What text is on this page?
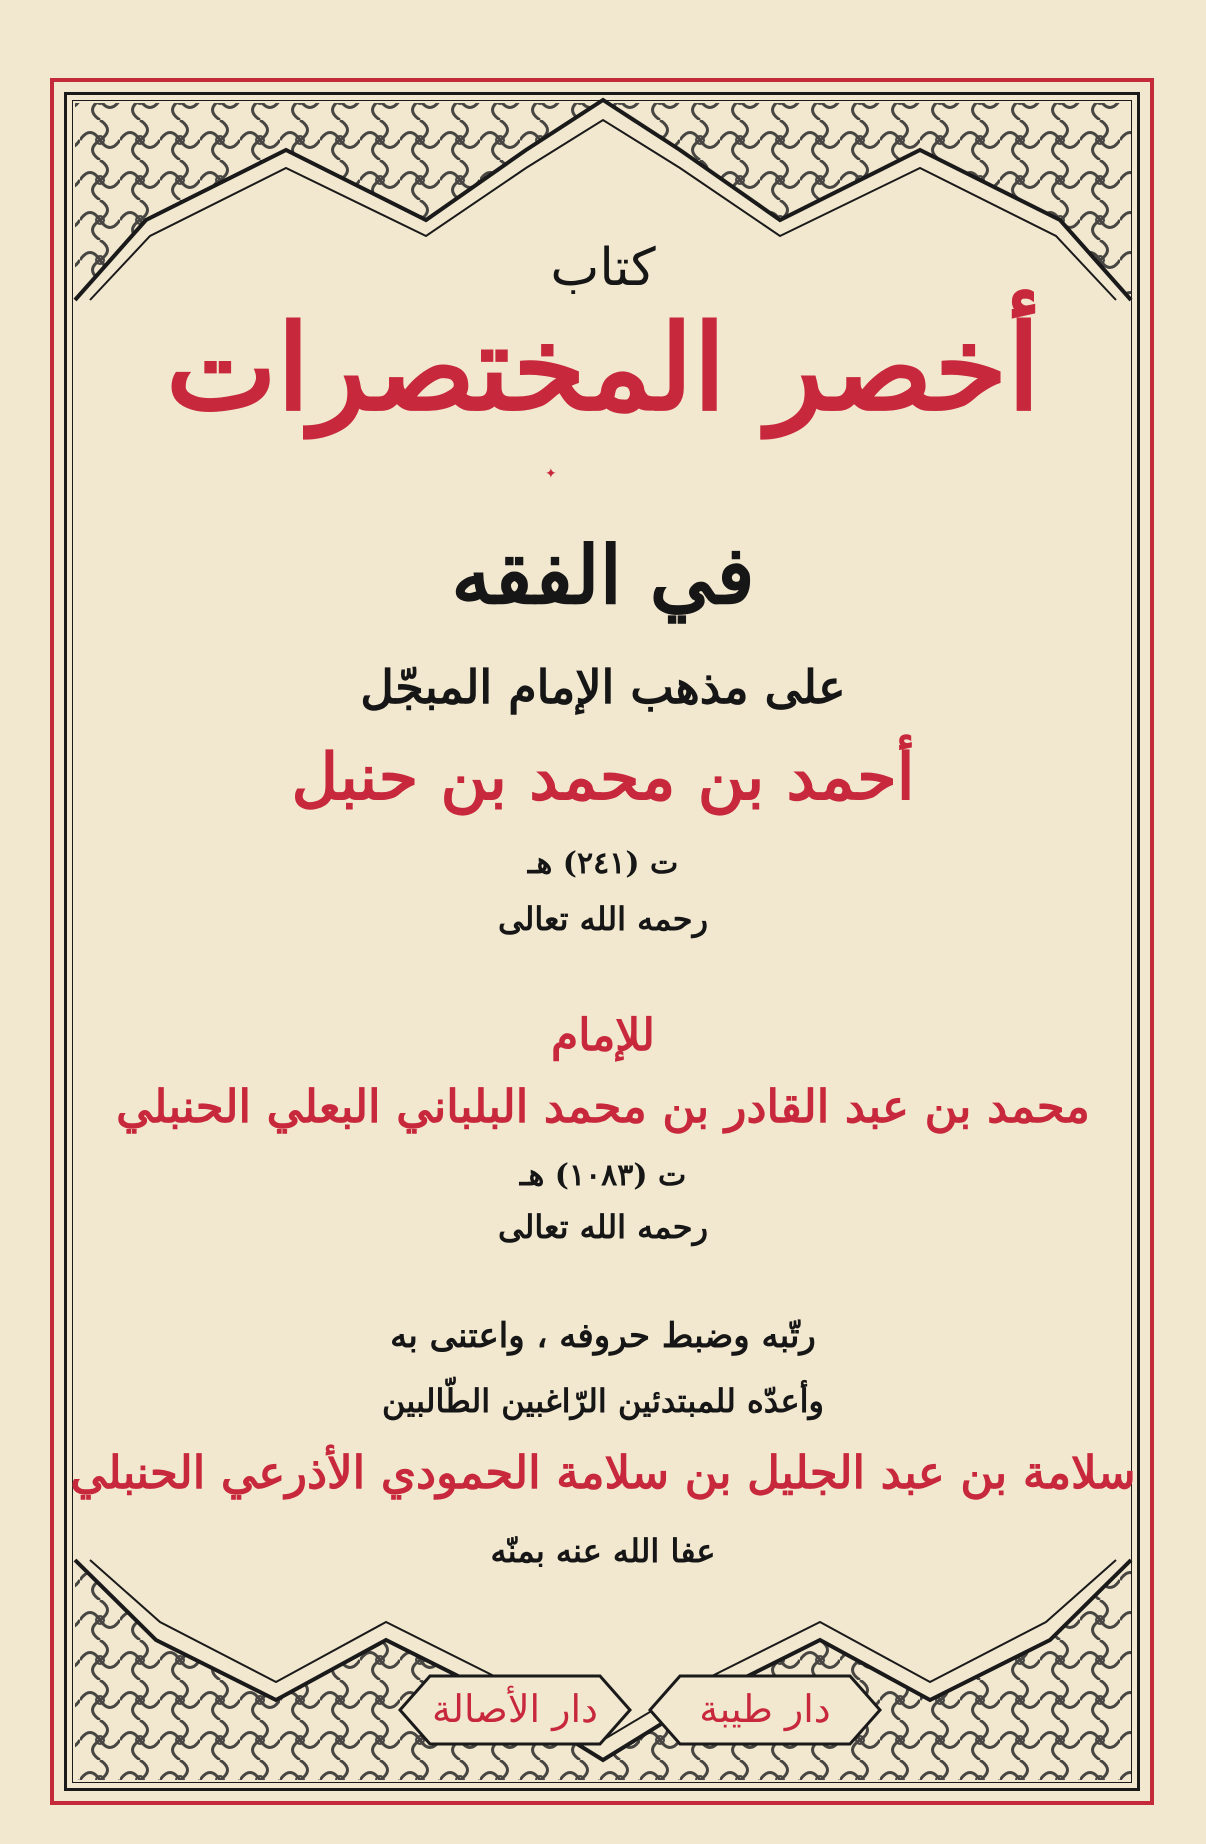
✦
كتاب
أخصر المختصرات
في الفقه
على مذهب الإمام المبجّل
أحمد بن محمد بن حنبل
ت (٢٤١) هـ
رحمه الله تعالى
للإمام
محمد بن عبد القادر بن محمد البلباني البعلي الحنبلي
ت (١٠٨٣) هـ
رحمه الله تعالى
رتّبه وضبط حروفه ، واعتنى به
وأعدّه للمبتدئين الرّاغبين الطّالبين
سلامة بن عبد الجليل بن سلامة الحمودي الأذرعي الحنبلي
عفا الله عنه بمنّه
دار طيبة
دار الأصالة
